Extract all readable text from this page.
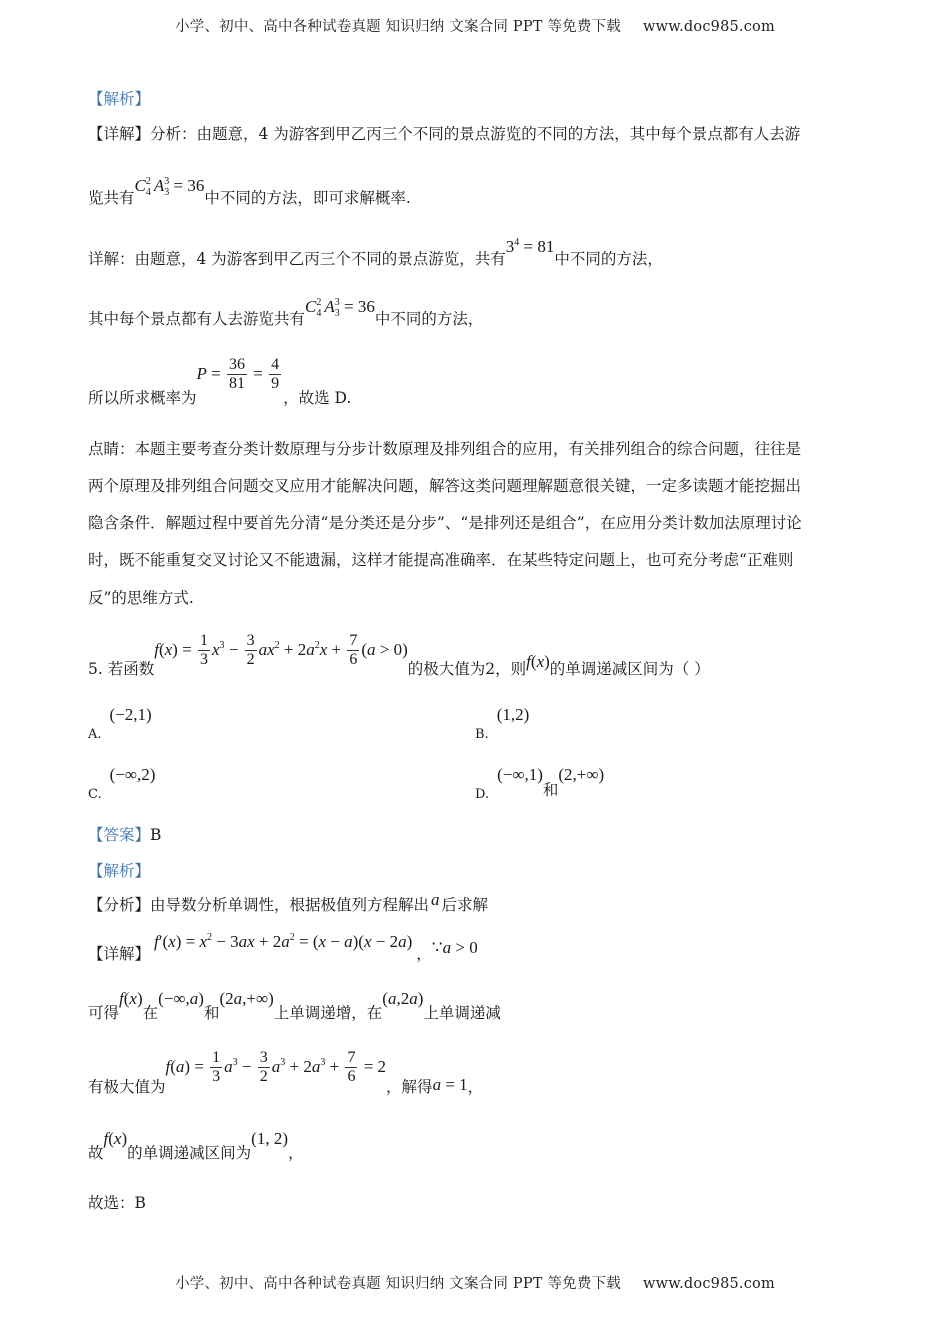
小学、初中、高中各种试卷真题 知识归纳 文案合同 PPT 等免费下载 www.doc985.com
【解析】
【详解】分析：由题意，4 为游客到甲乙丙三个不同的景点游览的不同的方法，其中每个景点都有人去游
览共有$C_4^2$ $A_3^3 = 36$中不同的方法，即可求解概率.
详解：由题意，4 为游客到甲乙丙三个不同的景点游览，共有$3^4 = 81$中不同的方法，
其中每个景点都有人去游览共有$C_4^2$ $A_3^3 = 36$中不同的方法，
所以所求概率为$P = \frac{36}{81} = \frac{4}{9}$
，故选 D.
点睛：本题主要考查分类计数原理与分步计数原理及排列组合的应用，有关排列组合的综合问题，往往是
两个原理及排列组合问题交叉应用才能解决问题，解答这类问题理解题意很关键，一定多读题才能挖掘出
隐含条件．解题过程中要首先分清“是分类还是分步”、“是排列还是组合”，在应用分类计数加法原理讨论
时，既不能重复交叉讨论又不能遗漏，这样才能提高准确率．在某些特定问题上，也可充分考虑“正难则
反”的思维方式.
5. 若函数$f(x) = \frac{1}{3} x^3 - \frac{3}{2} ax^2 + 2a^2x + \frac{7}{6} (a > 0)$的极大值为2，则f(x)的单调递减区间为（ ）
$_{A.}$(−2,1)
$_{B.}$(1,2)
$_{C.}$(−∞,2)
$_{D.}$(−∞,1)和(2,+∞)
【答案】B
【解析】
【分析】由导数分析单调性，根据极值列方程解出 a 后求解
【详解】$f'(x) = x^2 - 3ax + 2a^2 = (x - a)(x - 2a)$，∵a > 0
可得f(x)在(−∞,a)和(2a,+∞)上单调递增，在(a,2a)上单调递减
有极大值为$f(a) = \frac{1}{3} a^3 - \frac{3}{2} a^3 + 2a^3 + \frac{7}{6} = 2$，解得a = 1，
故f(x)的单调递减区间为(1, 2)，
故选：B
小学、初中、高中各种试卷真题 知识归纳 文案合同 PPT 等免费下载 www.doc985.com
